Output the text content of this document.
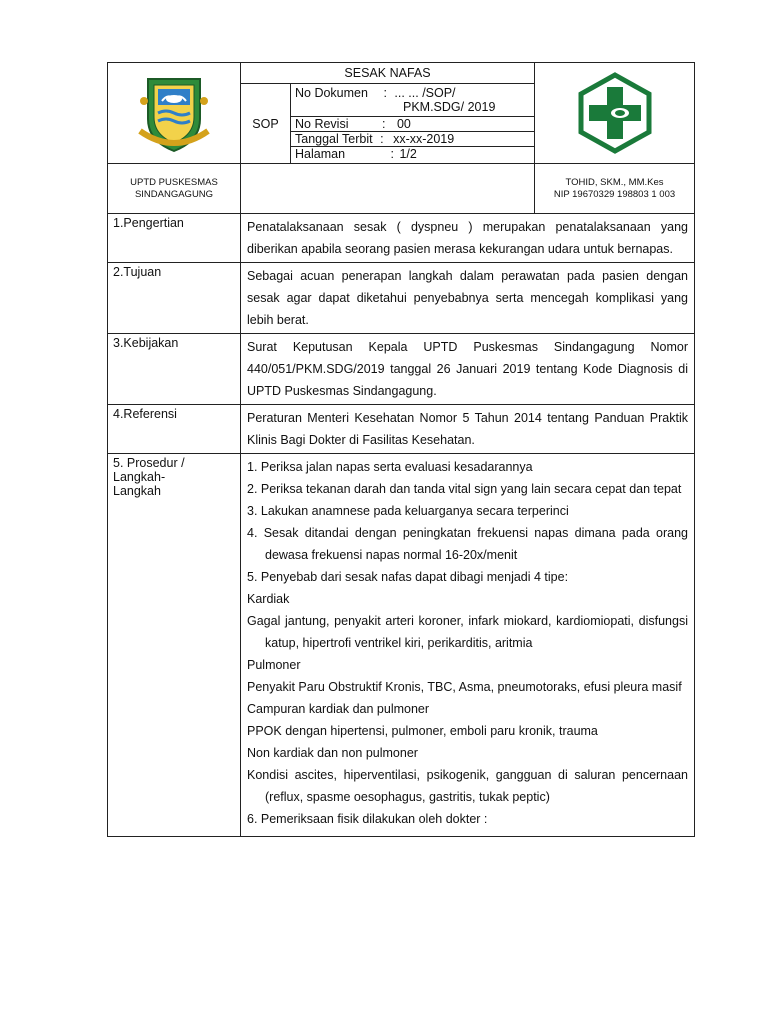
	SESAK NAFAS	

SOP	
No Dokumen : ... ... /SOP/
PKM.SDG/ 2019
No Revisi	: 00
Tanggal Terbit : xx-xx-2019
Halaman	: 1/2

UPTD PUSKESMAS
SINDANGAGUNG		TOHID, SKM., MM.Kes
NIP 19670329 198803 1 003
1.Pengertian	Penatalaksanaan sesak ( dyspneu ) merupakan penatalaksanaan yang diberikan apabila seorang pasien merasa kekurangan udara untuk bernapas.

2.Tujuan	Sebagai acuan penerapan langkah dalam perawatan pada pasien dengan sesak agar dapat diketahui penyebabnya serta mencegah komplikasi yang lebih berat.

3.Kebijakan	Surat Keputusan Kepala UPTD Puskesmas Sindangagung Nomor 440/051/PKM.SDG/2019 tanggal 26 Januari 2019 tentang Kode Diagnosis di UPTD Puskesmas Sindangagung.

4.Referensi	Peraturan Menteri Kesehatan Nomor 5 Tahun 2014 tentang Panduan Praktik Klinis Bagi Dokter di Fasilitas Kesehatan.

5. Prosedur /
Langkah-
Langkah	
1. Periksa jalan napas serta evaluasi kesadarannya
2. Periksa tekanan darah dan tanda vital sign yang lain secara cepat dan tepat
3. Lakukan anamnese pada keluarganya secara terperinci
4. Sesak ditandai dengan peningkatan frekuensi napas dimana pada orang dewasa frekuensi napas normal 16-20x/menit
5. Penyebab dari sesak nafas dapat dibagi menjadi 4 tipe:

Kardiak

Gagal jantung, penyakit arteri koroner, infark miokard, kardiomiopati, disfungsi katup, hipertrofi ventrikel kiri, perikarditis, aritmia

Pulmoner

Penyakit Paru Obstruktif Kronis, TBC, Asma, pneumotoraks, efusi pleura masif

Campuran kardiak dan pulmoner

PPOK dengan hipertensi, pulmoner, emboli paru kronik, trauma

Non kardiak dan non pulmoner

Kondisi ascites, hiperventilasi, psikogenik, gangguan di saluran pencernaan (reflux, spasme oesophagus, gastritis, tukak peptic)

6. Pemeriksaan fisik dilakukan oleh dokter :
